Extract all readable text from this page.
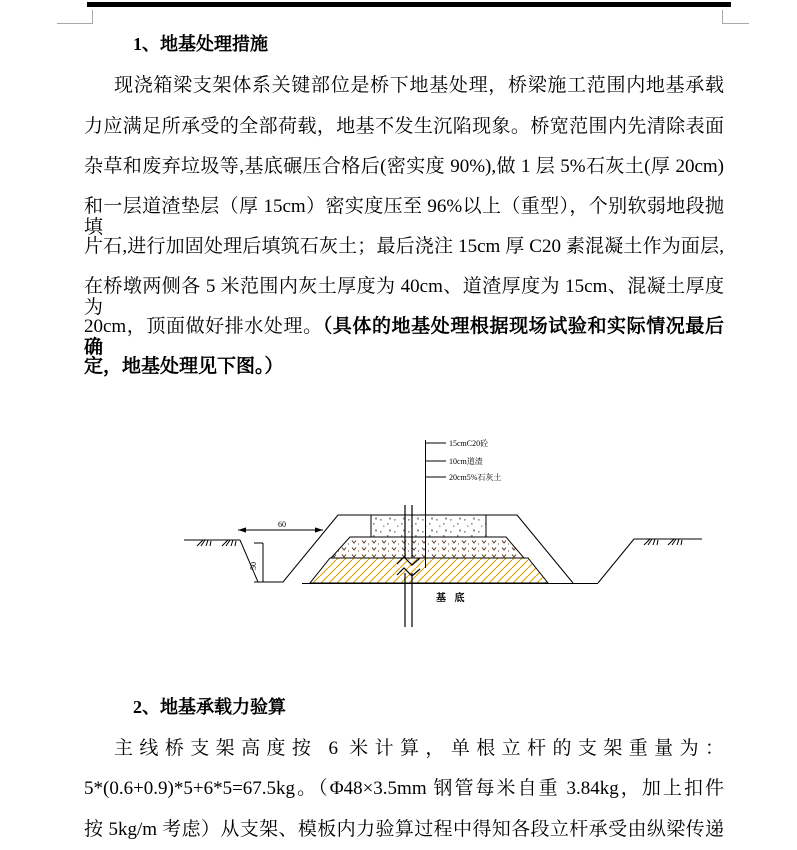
1、地基处理措施
现浇箱梁支架体系关键部位是桥下地基处理，桥梁施工范围内地基承载
力应满足所承受的全部荷载，地基不发生沉陷现象。桥宽范围内先清除表面
杂草和废弃垃圾等,基底碾压合格后(密实度 90%),做 1 层 5%石灰土(厚 20cm)
和一层道渣垫层（厚 15cm）密实度压至 96%以上（重型），个别软弱地段抛填
片石,进行加固处理后填筑石灰土；最后浇注 15cm 厚 C20 素混凝土作为面层,
在桥墩两侧各 5 米范围内灰土厚度为 40cm、道渣厚度为 15cm、混凝土厚度为
20cm，顶面做好排水处理。（具体的地基处理根据现场试验和实际情况最后确
定，地基处理见下图。）
60
50
15cmC20砼
10cm道渣
20cm5%石灰土
基 底
2、地基承载力验算
主线桥支架高度按 6 米计算，单根立杆的支架重量为：
5*(0.6+0.9)*5+6*5=67.5kg。（Φ48×3.5mm 钢管每米自重 3.84kg，加上扣件
按 5kg/m 考虑）从支架、模板内力验算过程中得知各段立杆承受由纵梁传递
